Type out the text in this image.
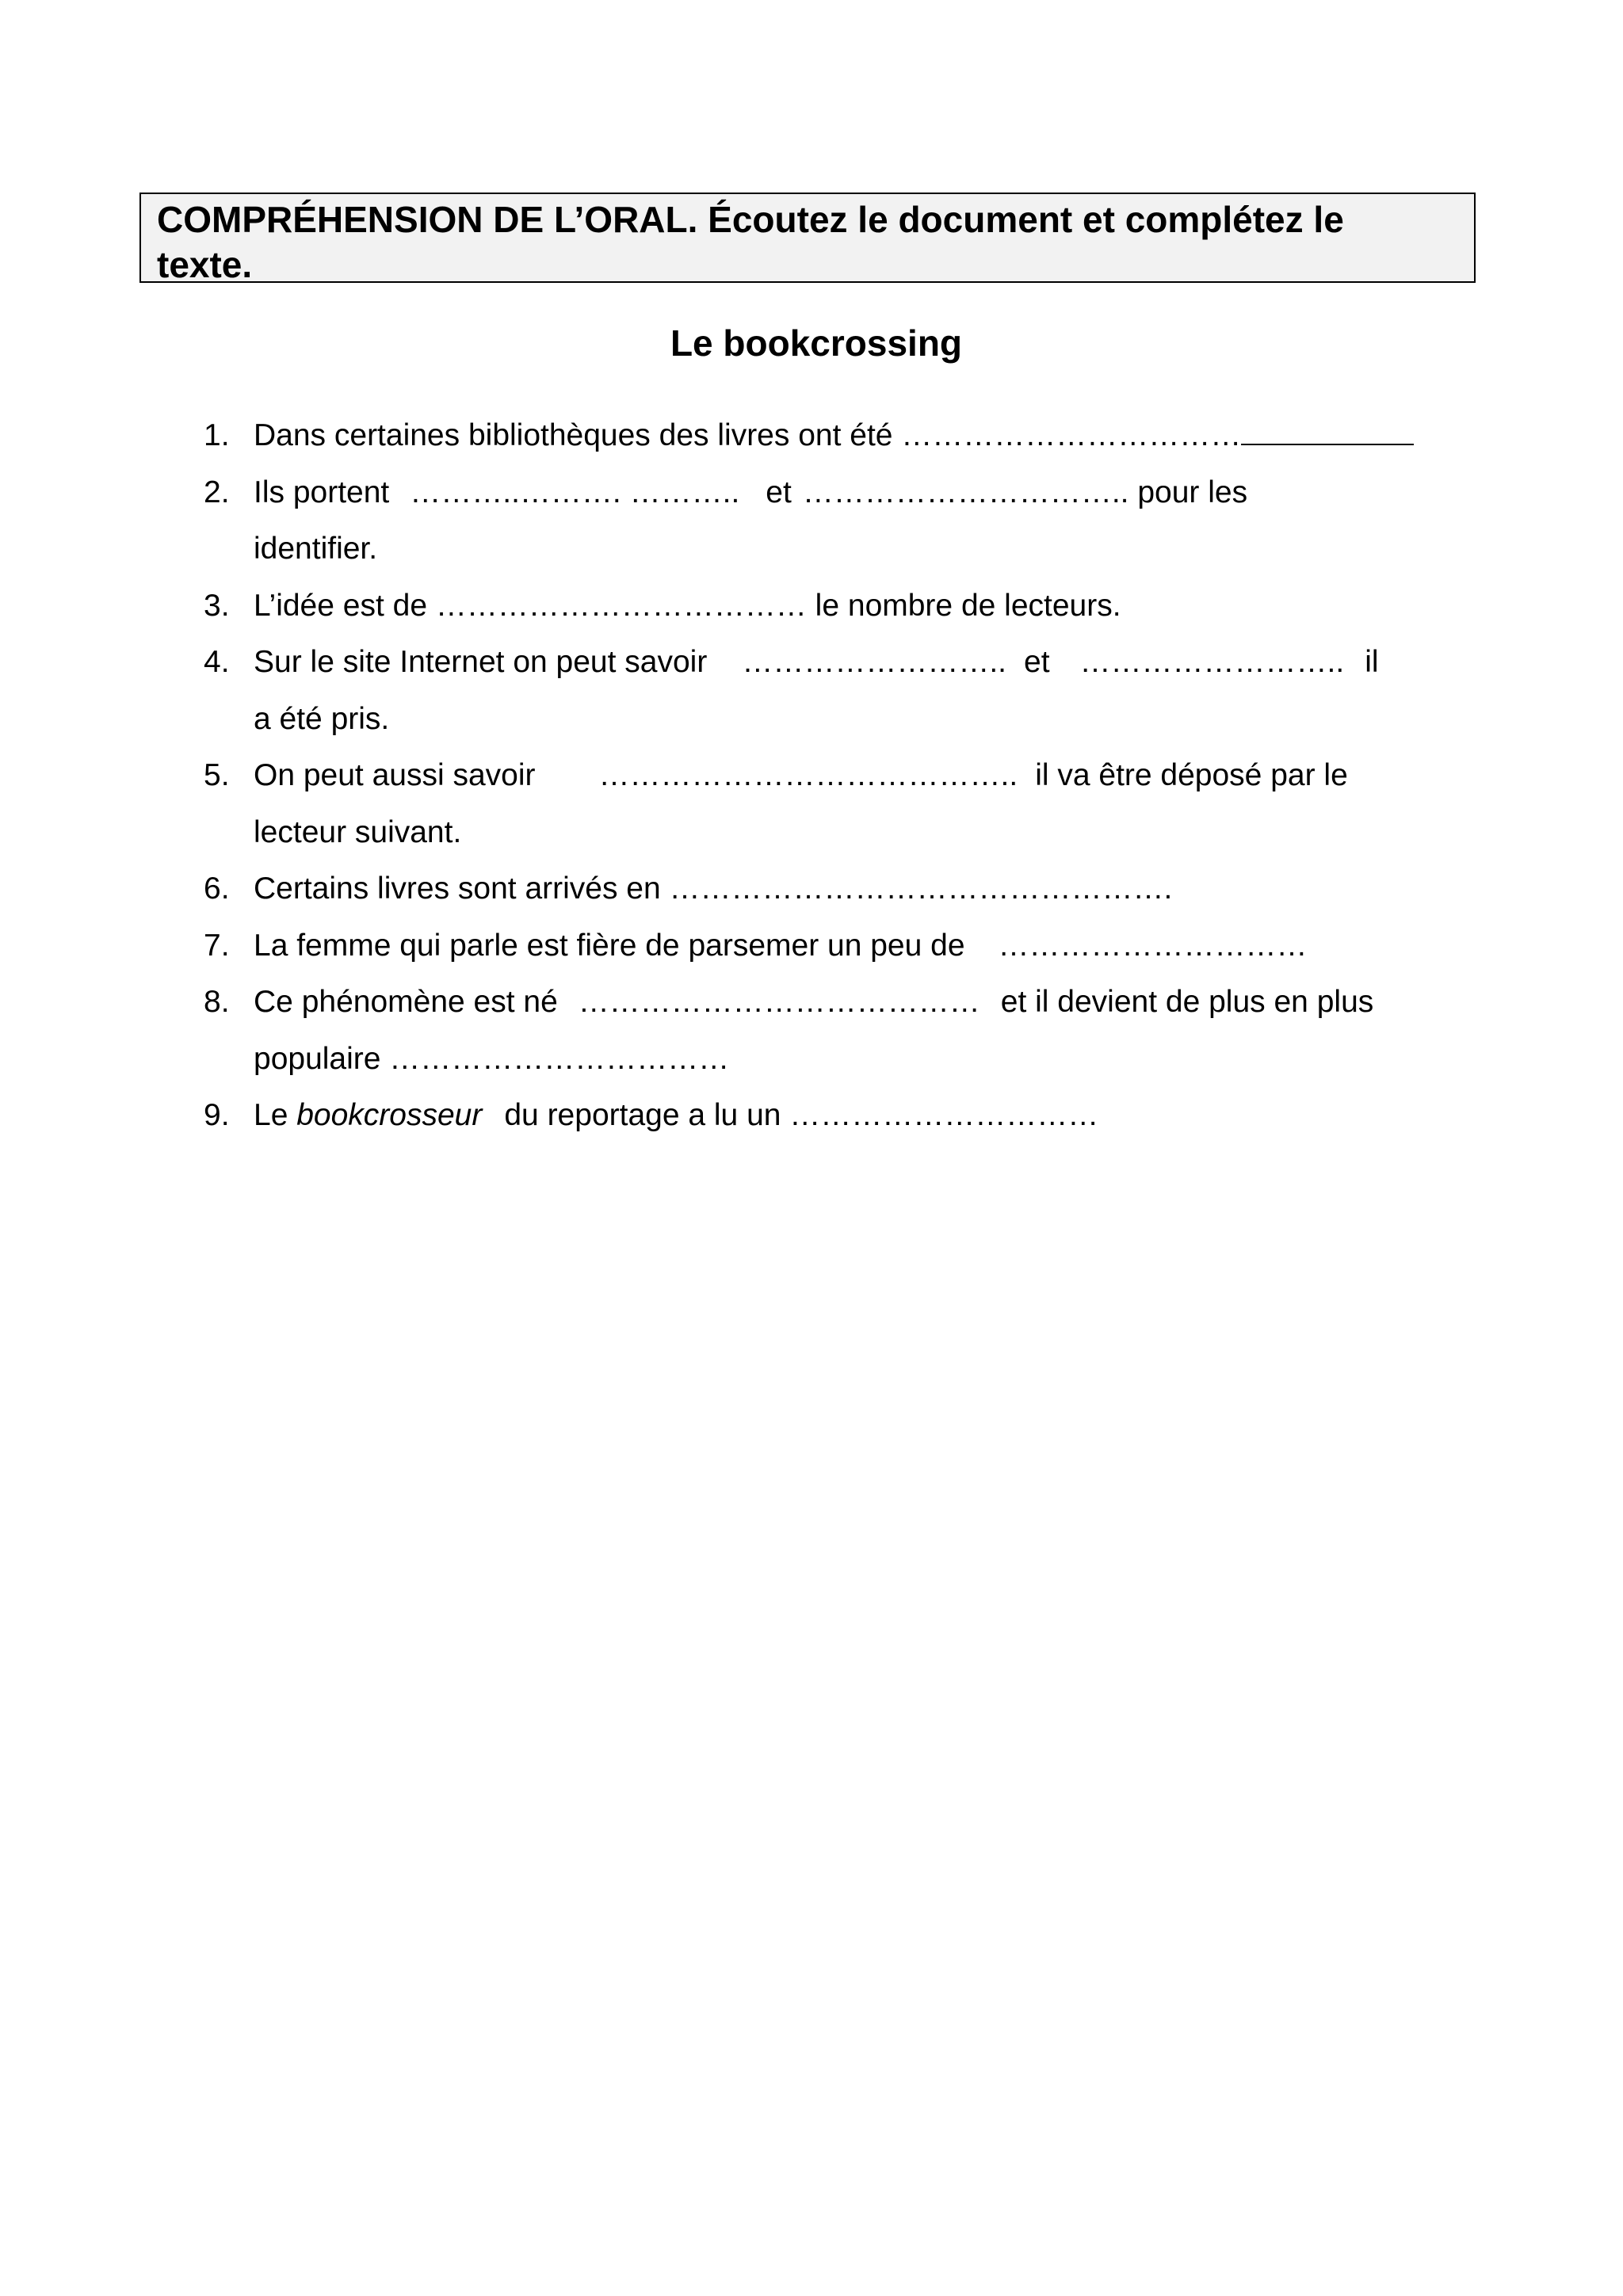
COMPRÉHENSION DE L’ORAL. Écoutez le document et complétez le
texte.
Le bookcrossing
1. Dans certaines bibliothèques des livres ont été ……………………………
2. Ils portent ………..………. ……….. et ………………………….. pour les
identifier.
3. L’idée est de ……………………………… le nombre de lecteurs.
4. Sur le site Internet on peut savoir …………………….. et …………………….. il
a été pris.
5. On peut aussi savoir ………………………………….. il va être déposé par le
lecteur suivant.
6. Certains livres sont arrivés en ………………………………………….
7. La femme qui parle est fière de parsemer un peu de …………………………
8. Ce phénomène est né ………………………………… et il devient de plus en plus
populaire ……………………………
9. Le bookcrosseur du reportage a lu un …………………………
